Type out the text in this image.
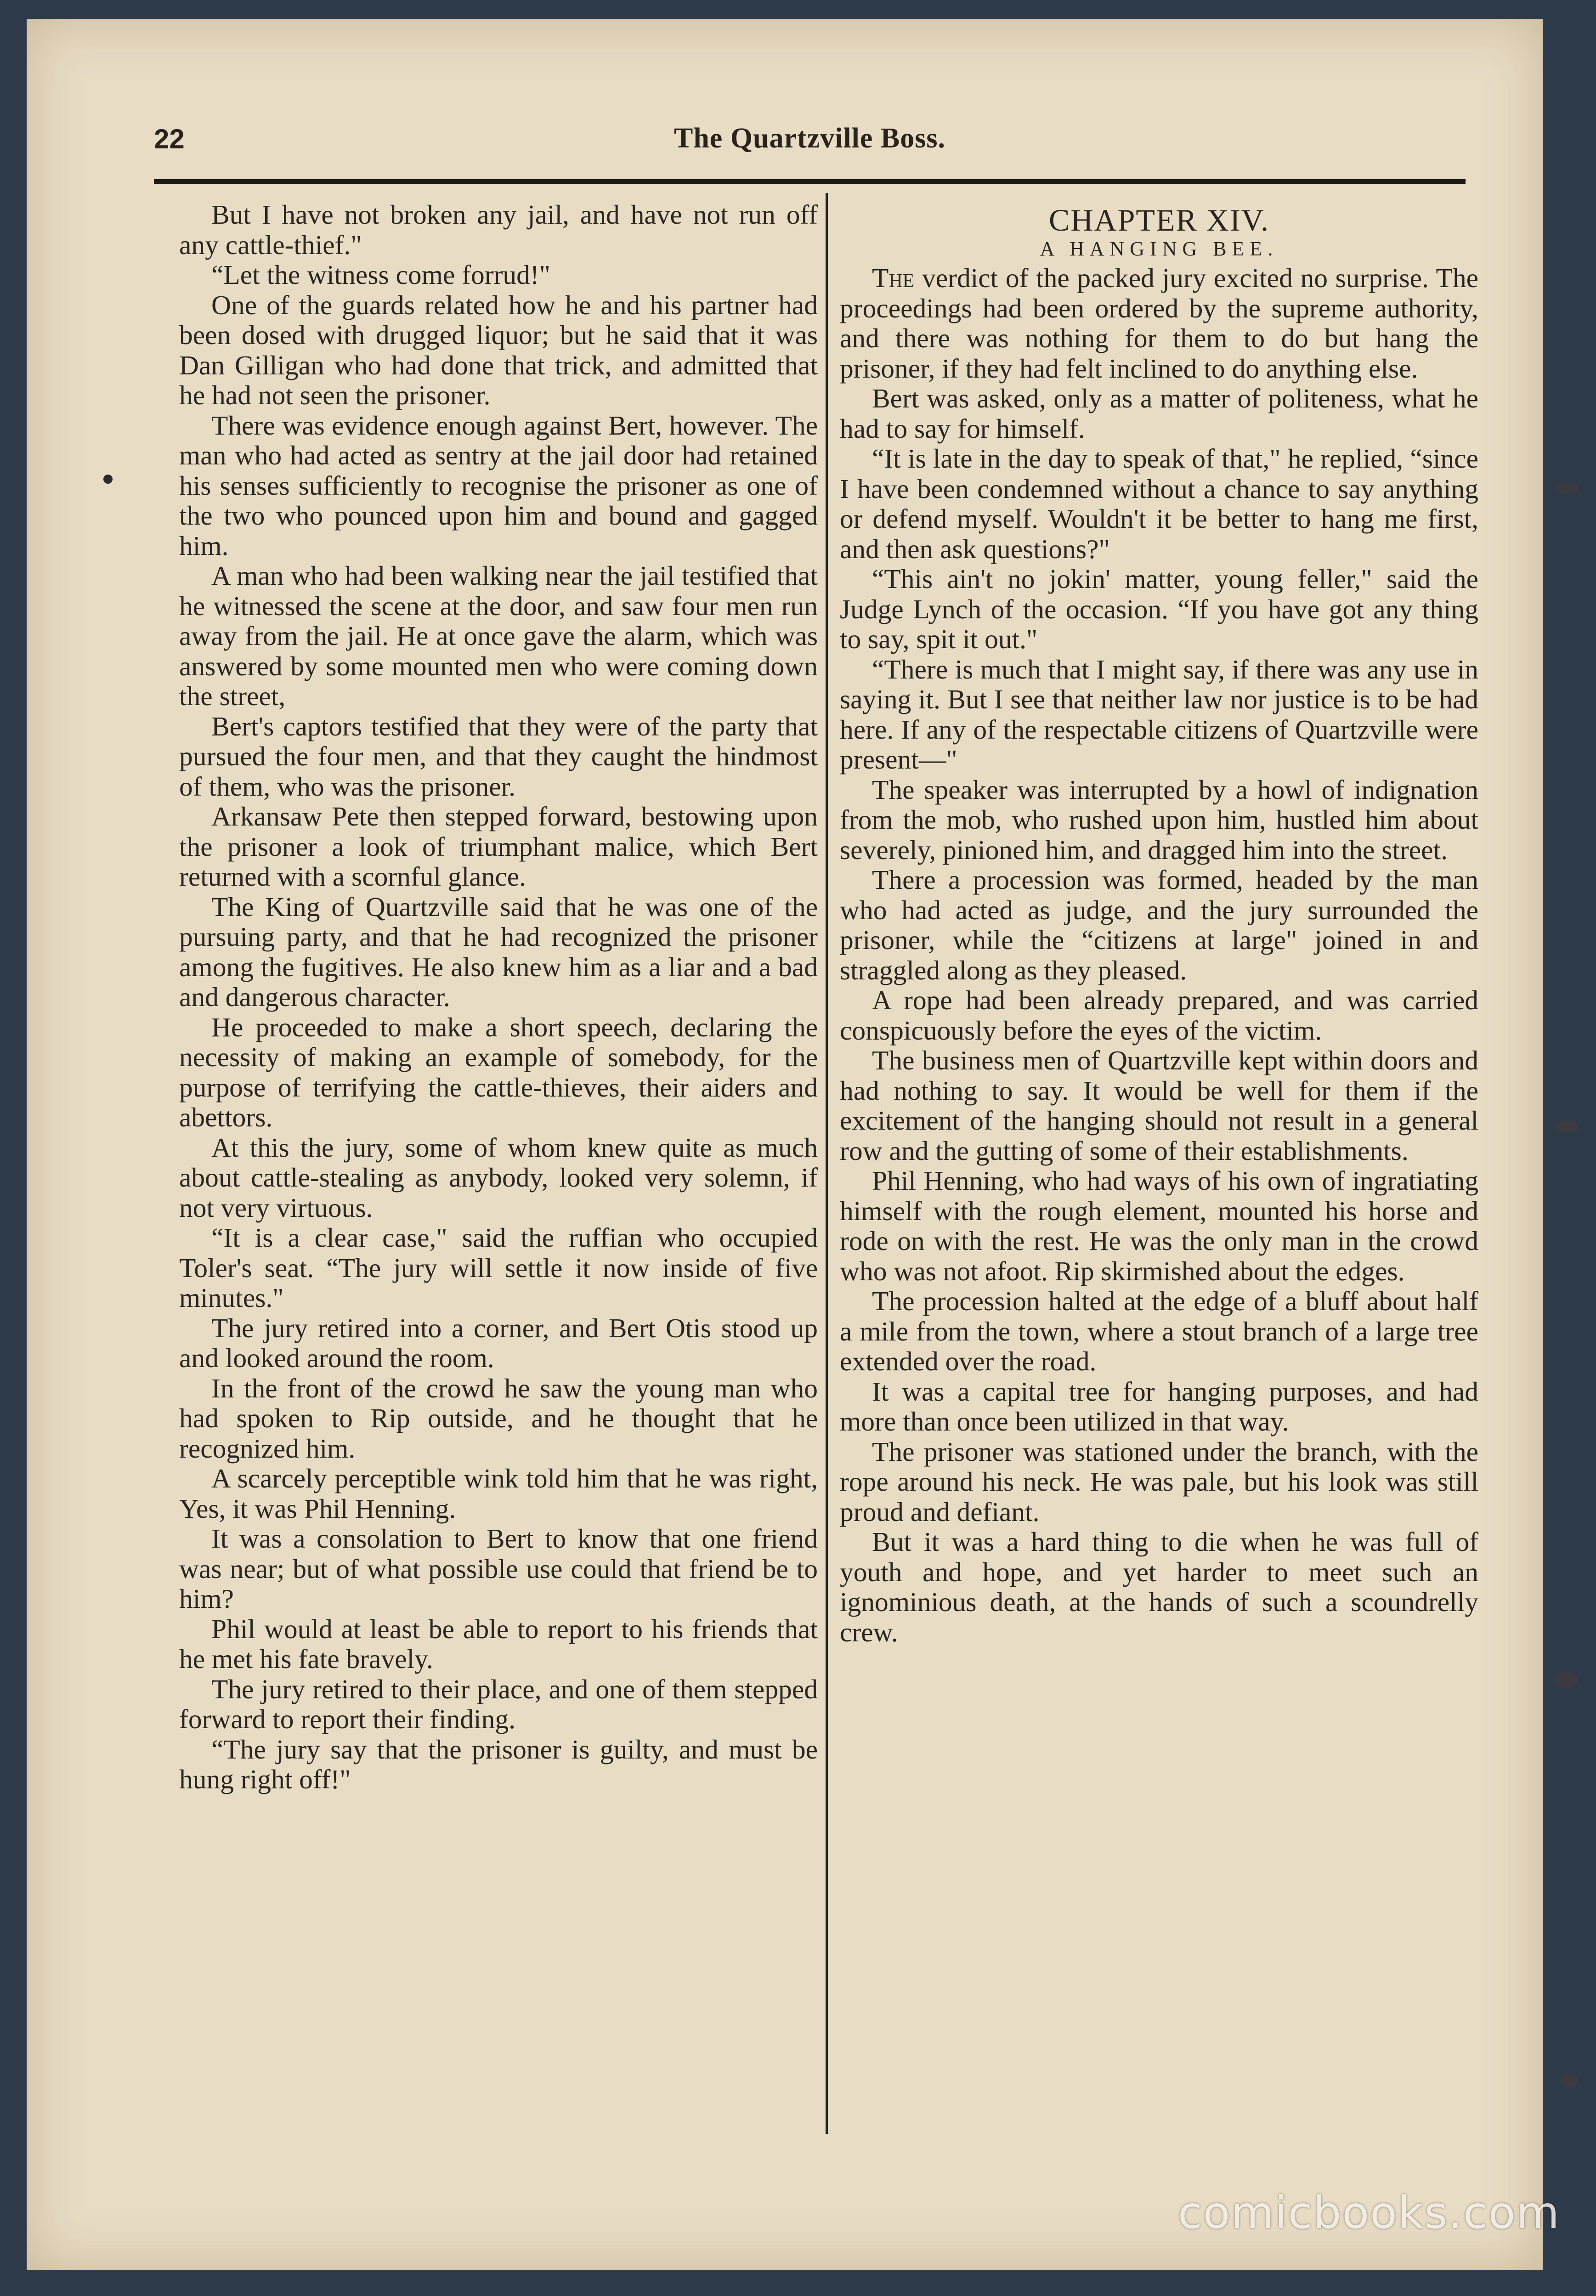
22	The Quartzville Boss.

But I have not broken any jail, and have not run off any cattle-thief."

“Let the witness come forrud!"

One of the guards related how he and his partner had been dosed with drugged liquor; but he said that it was Dan Gilligan who had done that trick, and admitted that he had not seen the prisoner.

There was evidence enough against Bert, however. The man who had acted as sentry at the jail door had retained his senses sufficiently to recognise the prisoner as one of the two who pounced upon him and bound and gagged him.

A man who had been walking near the jail testified that he witnessed the scene at the door, and saw four men run away from the jail. He at once gave the alarm, which was answered by some mounted men who were coming down the street,

Bert's captors testified that they were of the party that pursued the four men, and that they caught the hindmost of them, who was the prisoner.

Arkansaw Pete then stepped forward, bestowing upon the prisoner a look of triumphant malice, which Bert returned with a scornful glance.

The King of Quartzville said that he was one of the pursuing party, and that he had recognized the prisoner among the fugitives. He also knew him as a liar and a bad and dangerous character.

He proceeded to make a short speech, declaring the necessity of making an example of somebody, for the purpose of terrifying the cattle-thieves, their aiders and abettors.

At this the jury, some of whom knew quite as much about cattle-stealing as anybody, looked very solemn, if not very virtuous.

“It is a clear case," said the ruffian who occupied Toler's seat. “The jury will settle it now inside of five minutes."

The jury retired into a corner, and Bert Otis stood up and looked around the room.

In the front of the crowd he saw the young man who had spoken to Rip outside, and he thought that he recognized him.

A scarcely perceptible wink told him that he was right, Yes, it was Phil Henning.

It was a consolation to Bert to know that one friend was near; but of what possible use could that friend be to him?

Phil would at least be able to report to his friends that he met his fate bravely.

The jury retired to their place, and one of them stepped forward to report their finding.

“The jury say that the prisoner is guilty, and must be hung right off!"

CHAPTER XIV.
A HANGING BEE.

The verdict of the packed jury excited no surprise. The proceedings had been ordered by the supreme authority, and there was nothing for them to do but hang the prisoner, if they had felt inclined to do anything else.

Bert was asked, only as a matter of politeness, what he had to say for himself.

“It is late in the day to speak of that," he replied, “since I have been condemned without a chance to say anything or defend myself. Wouldn't it be better to hang me first, and then ask questions?"

“This ain't no jokin' matter, young feller," said the Judge Lynch of the occasion. “If you have got any thing to say, spit it out."

“There is much that I might say, if there was any use in saying it. But I see that neither law nor justice is to be had here. If any of the respectable citizens of Quartzville were present—"

The speaker was interrupted by a howl of indignation from the mob, who rushed upon him, hustled him about severely, pinioned him, and dragged him into the street.

There a procession was formed, headed by the man who had acted as judge, and the jury surrounded the prisoner, while the “citizens at large" joined in and straggled along as they pleased.

A rope had been already prepared, and was carried conspicuously before the eyes of the victim.

The business men of Quartzville kept within doors and had nothing to say. It would be well for them if the excitement of the hanging should not result in a general row and the gutting of some of their establishments.

Phil Henning, who had ways of his own of ingratiating himself with the rough element, mounted his horse and rode on with the rest. He was the only man in the crowd who was not afoot. Rip skirmished about the edges.

The procession halted at the edge of a bluff about half a mile from the town, where a stout branch of a large tree extended over the road.

It was a capital tree for hanging purposes, and had more than once been utilized in that way.

The prisoner was stationed under the branch, with the rope around his neck. He was pale, but his look was still proud and defiant.

But it was a hard thing to die when he was full of youth and hope, and yet harder to meet such an ignominious death, at the hands of such a scoundrelly crew.

comicbooks.com
